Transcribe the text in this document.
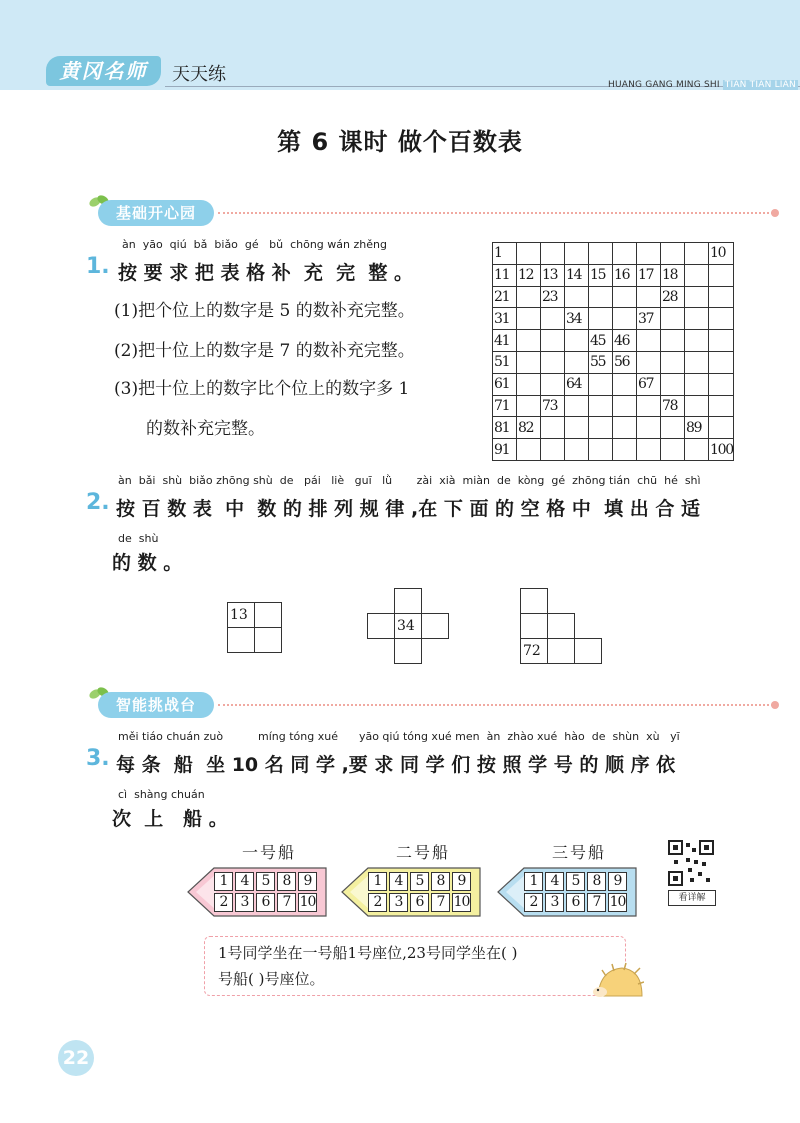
黄冈名师	天天练	HUANG GANG MING SHI TIAN TIAN LIAN
第 6 课时 做个百数表
基础开心园
àn  yāo  qiú  bǎ  biǎo  gé   bǔ  chōng wán zhěng
1. 按 要 求 把 表 格 补  充  完  整 。
(1)把个位上的数字是 5 的数补充完整。
(2)把十位上的数字是 7 的数补充完整。
(3)把十位上的数字比个位上的数字多 1
的数补充完整。
1									10
11	12	13	14	15	16	17	18		
21		23					28		
31			34			37			
41				45	46				
51				55	56				
61			64			67			
71		73					78		
81	82							89	
91									100
àn  bǎi  shù  biǎo zhōng shù  de   pái   liè   guī   lǜ       zài  xià  miàn  de  kòng  gé  zhōng tián  chū  hé  shì
2. 按 百 数 表  中  数 的 排 列 规 律 ,在 下 面 的 空 格 中  填 出 合 适
de  shù
的 数 。
13	

	34	

72		
智能挑战台
měi tiáo chuán zuò          míng tóng xué      yāo qiú tóng xué men  àn  zhào xué  hào  de  shùn  xù   yī
3. 每 条  船  坐 10 名 同 学 ,要 求 同 学 们 按 照 学 号 的 顺 序 依
cì  shàng chuán
次  上   船 。
一号船
1	4	5	8	9
2	3	6	7	10
二号船
1	4	5	8	9
2	3	6	7	10
三号船
1	4	5	8	9
2	3	6	7	10	看详解
1号同学坐在一号船1号座位,23号同学坐在( )
号船( )号座位。
22
